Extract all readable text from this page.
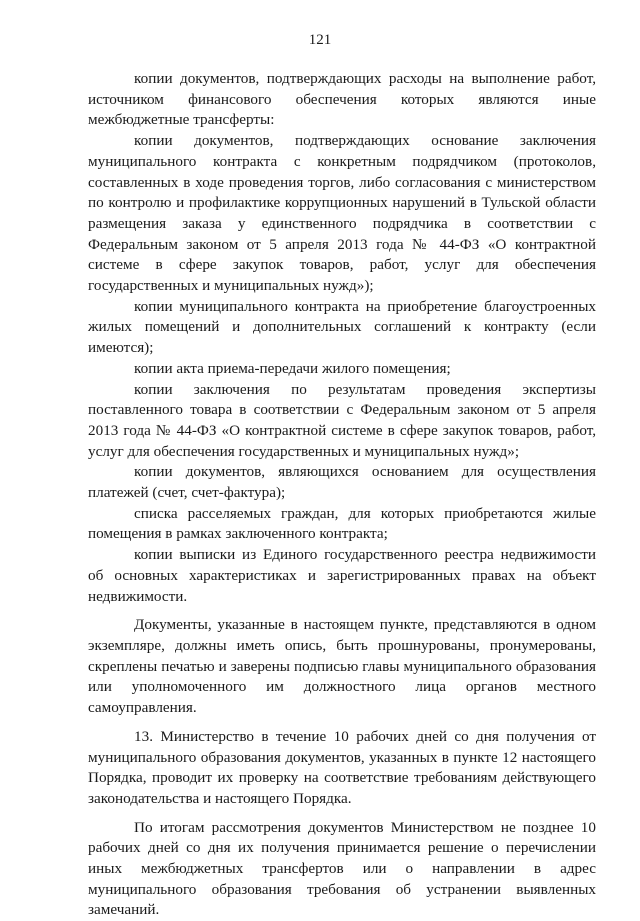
121

копии документов, подтверждающих расходы на выполнение работ, источником финансового обеспечения которых являются иные межбюджетные трансферты:

копии документов, подтверждающих основание заключения муниципального контракта с конкретным подрядчиком (протоколов, составленных в ходе проведения торгов, либо согласования с министерством по контролю и профилактике коррупционных нарушений в Тульской области размещения заказа у единственного подрядчика в соответствии с Федеральным законом от 5 апреля 2013 года № 44-ФЗ «О контрактной системе в сфере закупок товаров, работ, услуг для обеспечения государственных и муниципальных нужд»);

копии муниципального контракта на приобретение благоустроенных жилых помещений и дополнительных соглашений к контракту (если имеются);

копии акта приема-передачи жилого помещения;

копии заключения по результатам проведения экспертизы поставленного товара в соответствии с Федеральным законом от 5 апреля 2013 года № 44-ФЗ «О контрактной системе в сфере закупок товаров, работ, услуг для обеспечения государственных и муниципальных нужд»;

копии документов, являющихся основанием для осуществления платежей (счет, счет-фактура);

списка расселяемых граждан, для которых приобретаются жилые помещения в рамках заключенного контракта;

копии выписки из Единого государственного реестра недвижимости об основных характеристиках и зарегистрированных правах на объект недвижимости.

Документы, указанные в настоящем пункте, представляются в одном экземпляре, должны иметь опись, быть прошнурованы, пронумерованы, скреплены печатью и заверены подписью главы муниципального образования или уполномоченного им должностного лица органов местного самоуправления.

13. Министерство в течение 10 рабочих дней со дня получения от муниципального образования документов, указанных в пункте 12 настоящего Порядка, проводит их проверку на соответствие требованиям действующего законодательства и настоящего Порядка.

По итогам рассмотрения документов Министерством не позднее 10 рабочих дней со дня их получения принимается решение о перечислении иных межбюджетных трансфертов или о направлении в адрес муниципального образования требования об устранении выявленных замечаний.
